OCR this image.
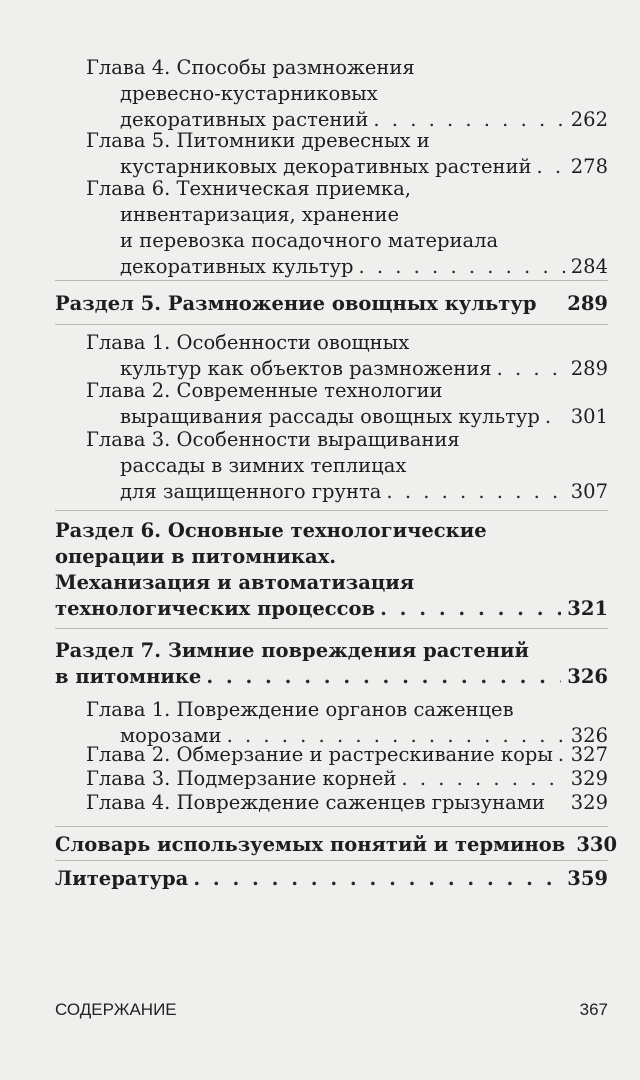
Глава 4. Способы размножения
древесно-кустарниковых
декоративных растений . . .	262
Глава 5. Питомники древесных и
кустарниковых декоративных растений . . . 278
Глава 6. Техническая приемка,
инвентаризация, хранение
и перевозка посадочного материала
декоративных культур . . .	284
Раздел 5. Размножение овощных культур 289
Глава 1. Особенности овощных
культур как объектов размножения . . .	289
Глава 2. Современные технологии
выращивания рассады овощных культур . . . 301
Глава 3. Особенности выращивания
рассады в зимних теплицах
для защищенного грунта . . .	307
Раздел 6. Основные технологические
операции в питомниках.
Механизация и автоматизация
технологических процессов . . .	321
Раздел 7. Зимние повреждения растений
в питомнике . . .	326
Глава 1. Повреждение органов саженцев
морозами . . .	326
Глава 2. Обмерзание и растрескивание коры . . . 327
Глава 3. Подмерзание корней . . .	329
Глава 4. Повреждение саженцев грызунами 329
Словарь используемых понятий и терминов 330
Литература . . .	359
СОДЕРЖАНИЕ	367
